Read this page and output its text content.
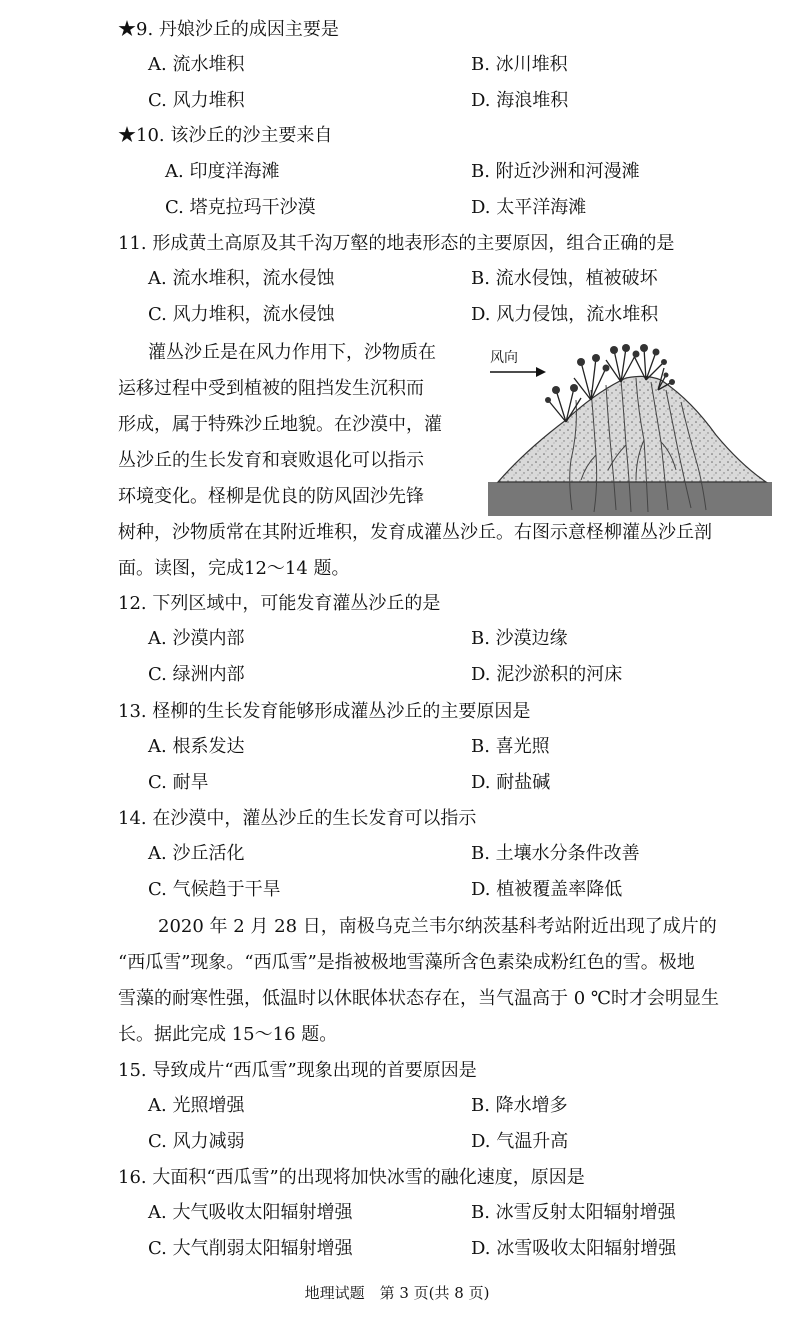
★9. 丹娘沙丘的成因主要是
A. 流水堆积	B. 冰川堆积
C. 风力堆积	D. 海浪堆积
★10. 该沙丘的沙主要来自
A. 印度洋海滩	B. 附近沙洲和河漫滩
C. 塔克拉玛干沙漠	D. 太平洋海滩
11. 形成黄土高原及其千沟万壑的地表形态的主要原因，组合正确的是
A. 流水堆积，流水侵蚀	B. 流水侵蚀，植被破坏
C. 风力堆积，流水侵蚀	D. 风力侵蚀，流水堆积
灌丛沙丘是在风力作用下，沙物质在
运移过程中受到植被的阻挡发生沉积而
形成，属于特殊沙丘地貌。在沙漠中，灌
丛沙丘的生长发育和衰败退化可以指示
环境变化。柽柳是优良的防风固沙先锋
树种，沙物质常在其附近堆积，发育成灌丛沙丘。右图示意柽柳灌丛沙丘剖
面。读图，完成12～14 题。
风向
12. 下列区域中，可能发育灌丛沙丘的是
A. 沙漠内部	B. 沙漠边缘
C. 绿洲内部	D. 泥沙淤积的河床
13. 柽柳的生长发育能够形成灌丛沙丘的主要原因是
A. 根系发达	B. 喜光照
C. 耐旱	D. 耐盐碱
14. 在沙漠中，灌丛沙丘的生长发育可以指示
A. 沙丘活化	B. 土壤水分条件改善
C. 气候趋于干旱	D. 植被覆盖率降低
2020 年 2 月 28 日，南极乌克兰韦尔纳茨基科考站附近出现了成片的
“西瓜雪”现象。“西瓜雪”是指被极地雪藻所含色素染成粉红色的雪。极地
雪藻的耐寒性强，低温时以休眠体状态存在，当气温高于 0 ℃时才会明显生
长。据此完成 15～16 题。
15. 导致成片“西瓜雪”现象出现的首要原因是
A. 光照增强	B. 降水增多
C. 风力减弱	D. 气温升高
16. 大面积“西瓜雪”的出现将加快冰雪的融化速度，原因是
A. 大气吸收太阳辐射增强	B. 冰雪反射太阳辐射增强
C. 大气削弱太阳辐射增强	D. 冰雪吸收太阳辐射增强
地理试题　第 3 页(共 8 页)
